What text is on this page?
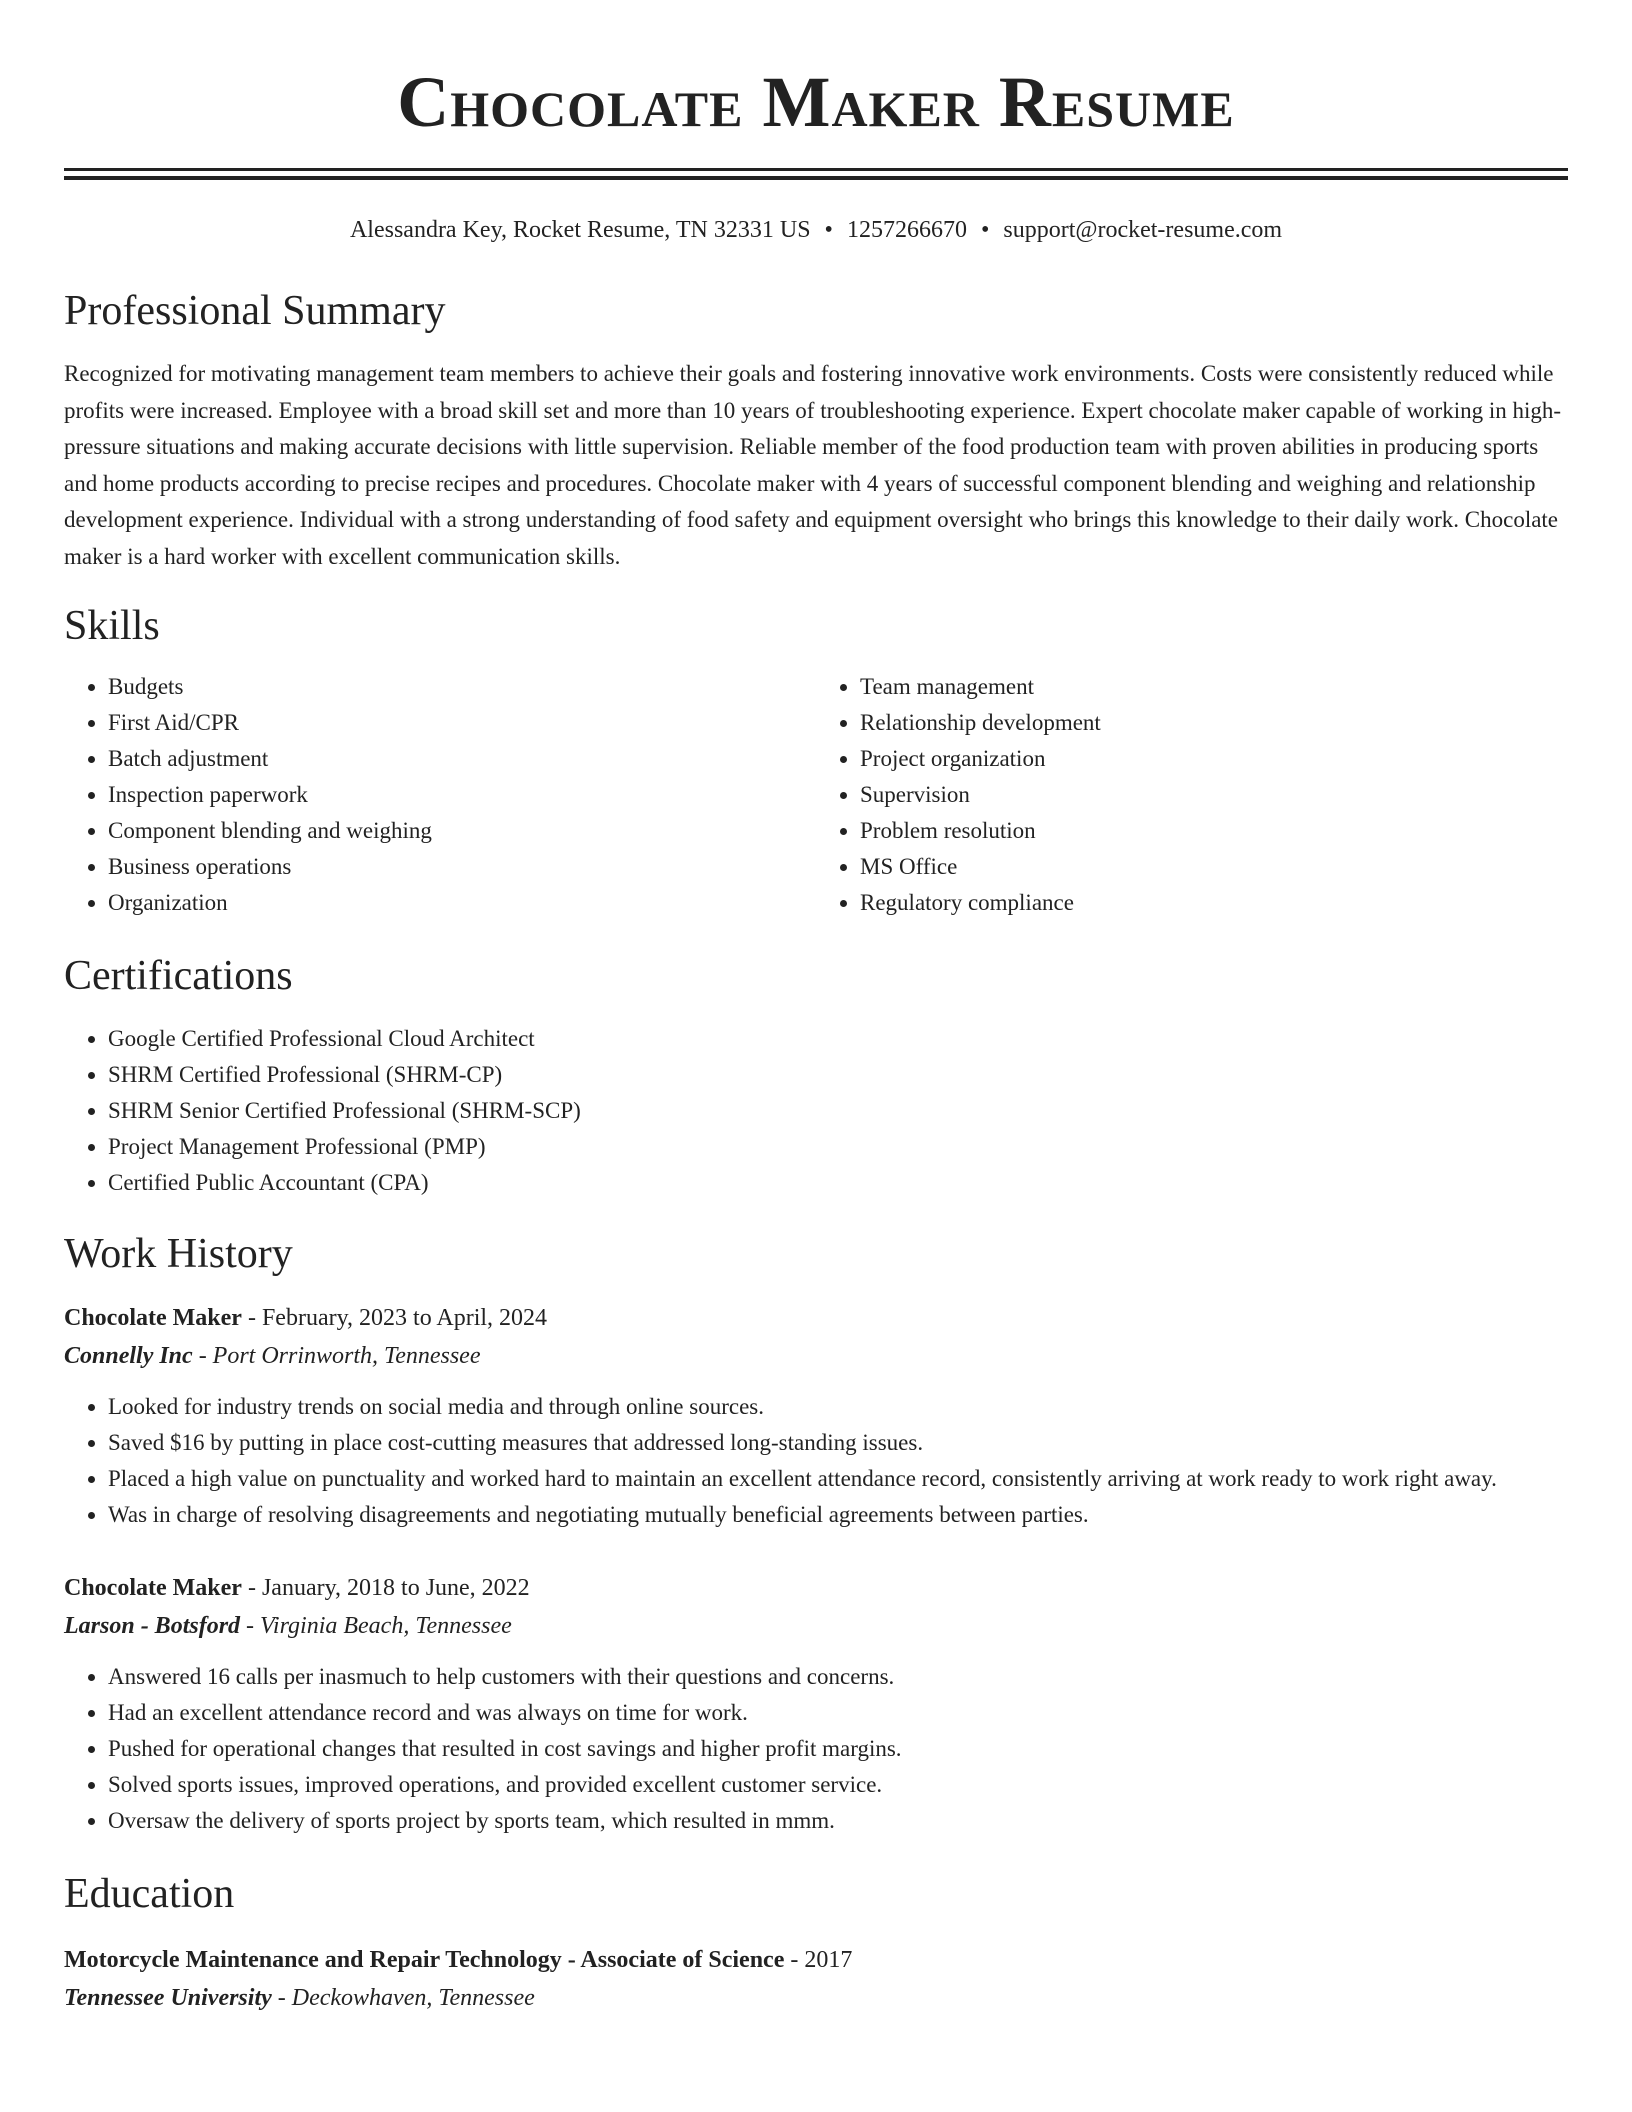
Chocolate Maker Resume
Alessandra Key, Rocket Resume, TN 32331 US • 1257266670 • support@rocket-resume.com
Professional Summary

Recognized for motivating management team members to achieve their goals and fostering innovative work environments. Costs were consistently reduced while profits were increased. Employee with a broad skill set and more than 10 years of troubleshooting experience. Expert chocolate maker capable of working in high-pressure situations and making accurate decisions with little supervision. Reliable member of the food production team with proven abilities in producing sports and home products according to precise recipes and procedures. Chocolate maker with 4 years of successful component blending and weighing and relationship development experience. Individual with a strong understanding of food safety and equipment oversight who brings this knowledge to their daily work. Chocolate maker is a hard worker with excellent communication skills.

Skills
• Budgets
• First Aid/CPR
• Batch adjustment
• Inspection paperwork
• Component blending and weighing
• Business operations
• Organization
• Team management
• Relationship development
• Project organization
• Supervision
• Problem resolution
• MS Office
• Regulatory compliance
Certifications
• Google Certified Professional Cloud Architect
• SHRM Certified Professional (SHRM-CP)
• SHRM Senior Certified Professional (SHRM-SCP)
• Project Management Professional (PMP)
• Certified Public Accountant (CPA)
Work History
Chocolate Maker - February, 2023 to April, 2024
Connelly Inc - Port Orrinworth, Tennessee
• Looked for industry trends on social media and through online sources.
• Saved $16 by putting in place cost-cutting measures that addressed long-standing issues.
• Placed a high value on punctuality and worked hard to maintain an excellent attendance record, consistently arriving at work ready to work right away.
• Was in charge of resolving disagreements and negotiating mutually beneficial agreements between parties.
Chocolate Maker - January, 2018 to June, 2022
Larson - Botsford - Virginia Beach, Tennessee
• Answered 16 calls per inasmuch to help customers with their questions and concerns.
• Had an excellent attendance record and was always on time for work.
• Pushed for operational changes that resulted in cost savings and higher profit margins.
• Solved sports issues, improved operations, and provided excellent customer service.
• Oversaw the delivery of sports project by sports team, which resulted in mmm.
Education
Motorcycle Maintenance and Repair Technology - Associate of Science - 2017
Tennessee University - Deckowhaven, Tennessee
